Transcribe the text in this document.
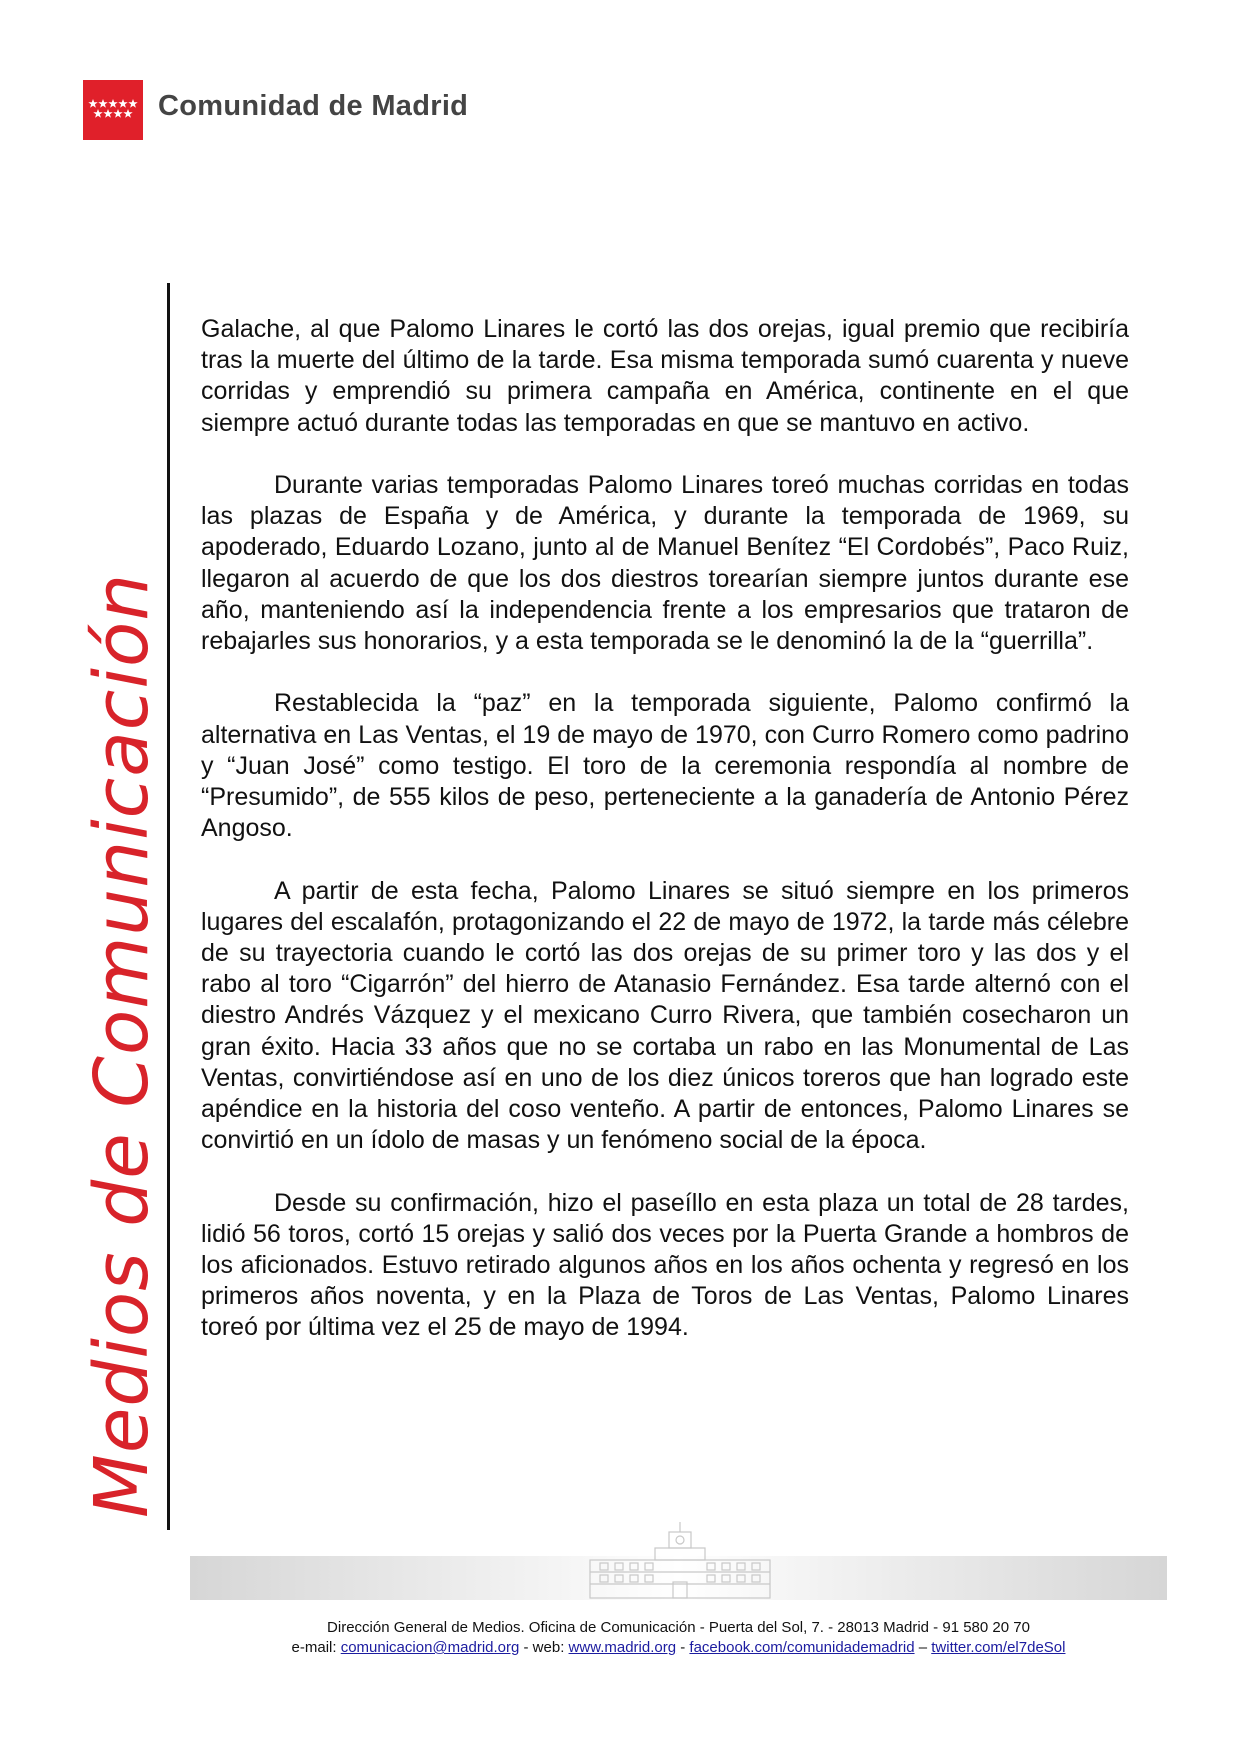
Comunidad de Madrid
Medios de Comunicación

Galache, al que Palomo Linares le cortó las dos orejas, igual premio que recibiría tras la muerte del último de la tarde. Esa misma temporada sumó cuarenta y nueve corridas y emprendió su primera campaña en América, continente en el que siempre actuó durante todas las temporadas en que se mantuvo en activo.

Durante varias temporadas Palomo Linares toreó muchas corridas en todas las plazas de España y de América, y durante la temporada de 1969, su apoderado, Eduardo Lozano, junto al de Manuel Benítez “El Cordobés”, Paco Ruiz, llegaron al acuerdo de que los dos diestros torearían siempre juntos durante ese año, manteniendo así la independencia frente a los empresarios que trataron de rebajarles sus honorarios, y a esta temporada se le denominó la de la “guerrilla”.

Restablecida la “paz” en la temporada siguiente, Palomo confirmó la alternativa en Las Ventas, el 19 de mayo de 1970, con Curro Romero como padrino y “Juan José” como testigo. El toro de la ceremonia respondía al nombre de “Presumido”, de 555 kilos de peso, perteneciente a la ganadería de Antonio Pérez Angoso.

A partir de esta fecha, Palomo Linares se situó siempre en los primeros lugares del escalafón, protagonizando el 22 de mayo de 1972, la tarde más célebre de su trayectoria cuando le cortó las dos orejas de su primer toro y las dos y el rabo al toro “Cigarrón” del hierro de Atanasio Fernández. Esa tarde alternó con el diestro Andrés Vázquez y el mexicano Curro Rivera, que también cosecharon un gran éxito. Hacia 33 años que no se cortaba un rabo en las Monumental de Las Ventas, convirtiéndose así en uno de los diez únicos toreros que han logrado este apéndice en la historia del coso venteño. A partir de entonces, Palomo Linares se convirtió en un ídolo de masas y un fenómeno social de la época.

Desde su confirmación, hizo el paseíllo en esta plaza un total de 28 tardes, lidió 56 toros, cortó 15 orejas y salió dos veces por la Puerta Grande a hombros de los aficionados. Estuvo retirado algunos años en los años ochenta y regresó en los primeros años noventa, y en la Plaza de Toros de Las Ventas, Palomo Linares toreó por última vez el 25 de mayo de 1994.

Dirección General de Medios. Oficina de Comunicación - Puerta del Sol, 7. - 28013 Madrid - 91 580 20 70
e-mail: comunicacion@madrid.org - web: www.madrid.org - facebook.com/comunidademadrid – twitter.com/el7deSol
